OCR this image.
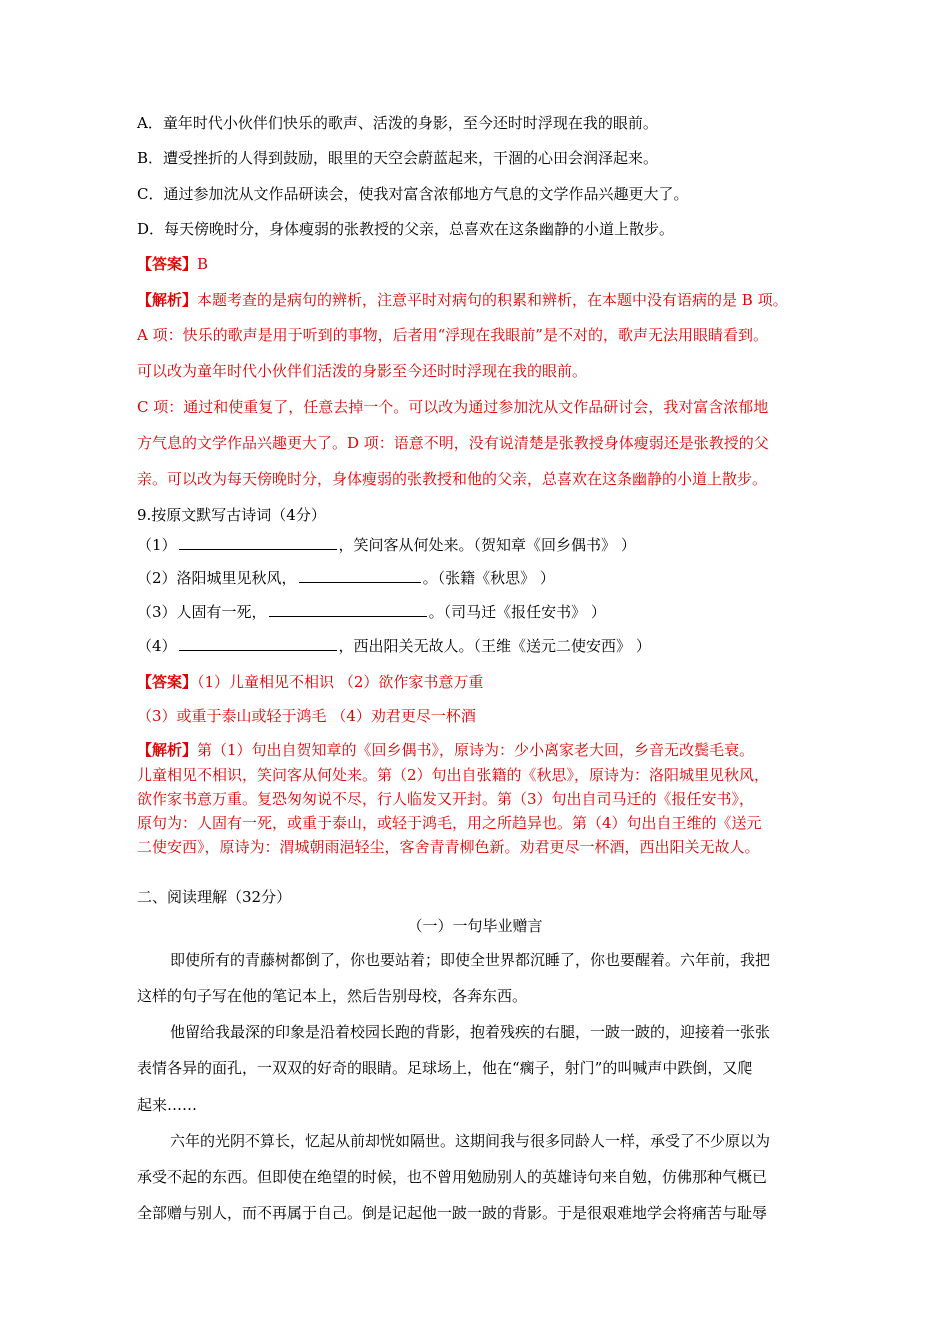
A．童年时代小伙伴们快乐的歌声、活泼的身影，至今还时时浮现在我的眼前。
B．遭受挫折的人得到鼓励，眼里的天空会蔚蓝起来，干涸的心田会润泽起来。
C．通过参加沈从文作品研读会，使我对富含浓郁地方气息的文学作品兴趣更大了。
D．每天傍晚时分，身体瘦弱的张教授的父亲，总喜欢在这条幽静的小道上散步。
【答案】B
【解析】本题考查的是病句的辨析，注意平时对病句的积累和辨析，在本题中没有语病的是 B 项。
A 项：快乐的歌声是用于听到的事物，后者用“浮现在我眼前”是不对的，歌声无法用眼睛看到。
可以改为童年时代小伙伴们活泼的身影至今还时时浮现在我的眼前。
C 项：通过和使重复了，任意去掉一个。可以改为通过参加沈从文作品研讨会，我对富含浓郁地
方气息的文学作品兴趣更大了。D 项：语意不明，没有说清楚是张教授身体瘦弱还是张教授的父
亲。可以改为每天傍晚时分，身体瘦弱的张教授和他的父亲，总喜欢在这条幽静的小道上散步。
9.按原文默写古诗词（4分）
（1）	，笑问客从何处来。（贺知章《回乡偶书》 ）
（2）洛阳城里见秋风，	。（张籍《秋思》 ）
（3）人固有一死，	。（司马迁《报任安书》 ）
（4）	，西出阳关无故人。（王维《送元二使安西》 ）
【答案】（1）儿童相见不相识 （2）欲作家书意万重
（3）或重于泰山或轻于鸿毛 （4）劝君更尽一杯酒
【解析】第（1）句出自贺知章的《回乡偶书》，原诗为：少小离家老大回，乡音无改鬓毛衰。
儿童相见不相识，笑问客从何处来。第（2）句出自张籍的《秋思》，原诗为：洛阳城里见秋风，
欲作家书意万重。复恐匆匆说不尽，行人临发又开封。第（3）句出自司马迁的《报任安书》，
原句为：人固有一死，或重于泰山，或轻于鸿毛，用之所趋异也。第（4）句出自王维的《送元
二使安西》，原诗为：渭城朝雨浥轻尘，客舍青青柳色新。劝君更尽一杯酒，西出阳关无故人。
二、阅读理解（32分）
（一）一句毕业赠言
即使所有的青藤树都倒了，你也要站着；即使全世界都沉睡了，你也要醒着。六年前，我把
这样的句子写在他的笔记本上，然后告别母校，各奔东西。
他留给我最深的印象是沿着校园长跑的背影，抱着残疾的右腿，一跛一跛的，迎接着一张张
表情各异的面孔，一双双的好奇的眼睛。足球场上，他在“瘸子，射门”的叫喊声中跌倒，又爬
起来……
六年的光阴不算长，忆起从前却恍如隔世。这期间我与很多同龄人一样，承受了不少原以为
承受不起的东西。但即使在绝望的时候，也不曾用勉励别人的英雄诗句来自勉，仿佛那种气概已
全部赠与别人，而不再属于自己。倒是记起他一跛一跛的背影。于是很艰难地学会将痛苦与耻辱
